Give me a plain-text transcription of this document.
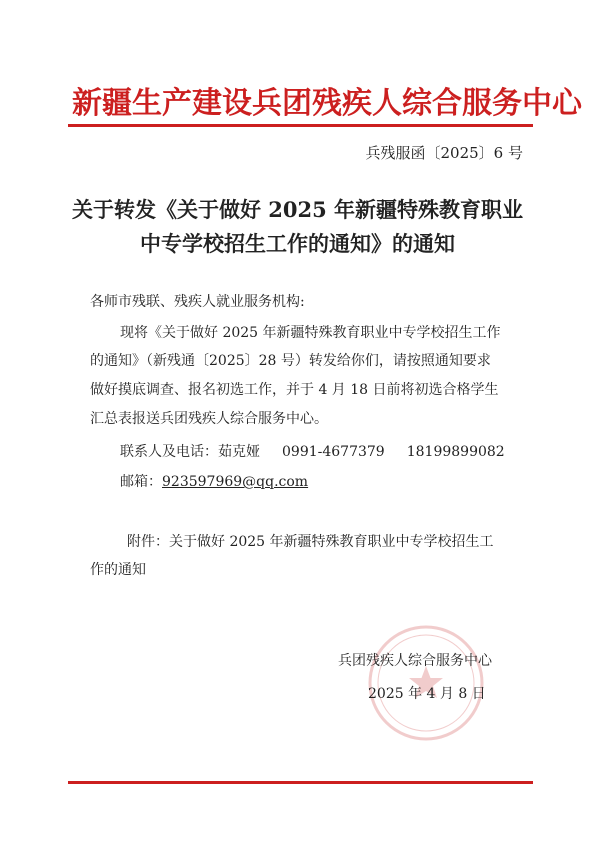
新疆生产建设兵团残疾人综合服务中心
兵残服函〔2025〕6 号
关于转发《关于做好 2025 年新疆特殊教育职业
中专学校招生工作的通知》的通知
各师市残联、残疾人就业服务机构:
现将《关于做好 2025 年新疆特殊教育职业中专学校招生工作
的通知》（新残通〔2025〕28 号）转发给你们，请按照通知要求
做好摸底调查、报名初选工作，并于 4 月 18 日前将初选合格学生
汇总表报送兵团残疾人综合服务中心。
联系人及电话：茹克娅 0991-4677379 18199899082
邮箱：923597969@qq.com
附件：关于做好 2025 年新疆特殊教育职业中专学校招生工
作的通知
兵团残疾人综合服务中心
2025 年 4 月 8 日
